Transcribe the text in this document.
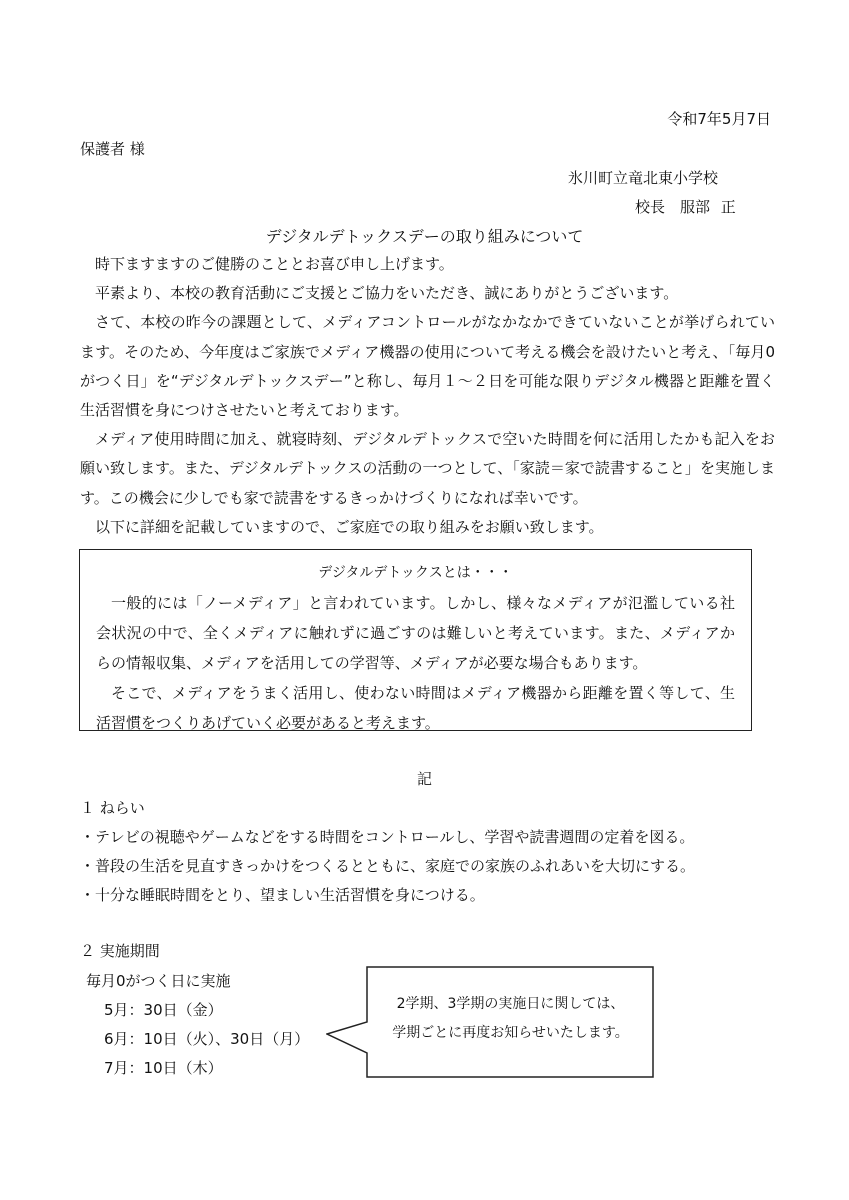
令和7年5月7日
保護者 様
氷川町立竜北東小学校
校長　服部 正
デジタルデトックスデーの取り組みについて

時下ますますのご健勝のこととお喜び申し上げます。

平素より、本校の教育活動にご支援とご協力をいただき、誠にありがとうございます。

さて、本校の昨今の課題として、メディアコントロールがなかなかできていないことが挙げられています。そのため、今年度はご家族でメディア機器の使用について考える機会を設けたいと考え、「毎月0がつく日」を“デジタルデトックスデー”と称し、毎月１～２日を可能な限りデジタル機器と距離を置く生活習慣を身につけさせたいと考えております。

メディア使用時間に加え、就寝時刻、デジタルデトックスで空いた時間を何に活用したかも記入をお願い致します。また、デジタルデトックスの活動の一つとして、「家読＝家で読書すること」を実施します。この機会に少しでも家で読書をするきっかけづくりになれば幸いです。

以下に詳細を記載していますので、ご家庭での取り組みをお願い致します。

デジタルデトックスとは・・・

一般的には「ノーメディア」と言われています。しかし、様々なメディアが氾濫している社会状況の中で、全くメディアに触れずに過ごすのは難しいと考えています。また、メディアからの情報収集、メディアを活用しての学習等、メディアが必要な場合もあります。

そこで、メディアをうまく活用し、使わない時間はメディア機器から距離を置く等して、生活習慣をつくりあげていく必要があると考えます。

記
１ ねらい
・テレビの視聴やゲームなどをする時間をコントロールし、学習や読書週間の定着を図る。
・普段の生活を見直すきっかけをつくるとともに、家庭での家族のふれあいを大切にする。
・十分な睡眠時間をとり、望ましい生活習慣を身につける。
２ 実施期間
毎月0がつく日に実施
5月：30日（金）
6月：10日（火）、30日（月）
7月：10日（木）
2学期、3学期の実施日に関しては、
学期ごとに再度お知らせいたします。
